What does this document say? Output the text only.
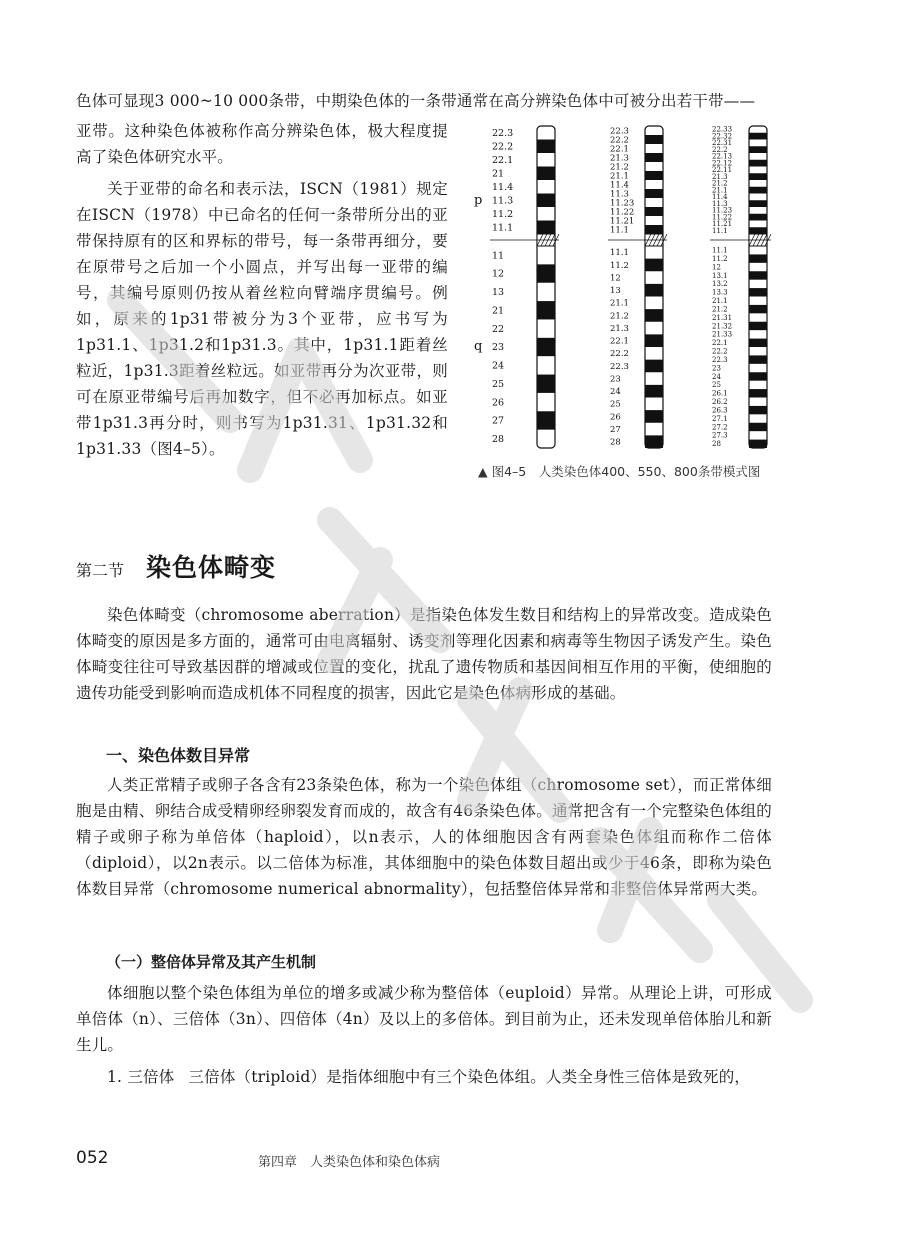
色体可显现3 000~10 000条带，中期染色体的一条带通常在高分辨染色体中可被分出若干带——

亚带。这种染色体被称作高分辨染色体，极大程度提高了染色体研究水平。

关于亚带的命名和表示法，ISCN（1981）规定在ISCN（1978）中已命名的任何一条带所分出的亚带保持原有的区和界标的带号，每一条带再细分，要在原带号之后加一个小圆点，并写出每一亚带的编号，其编号原则仍按从着丝粒向臂端序贯编号。例如，原来的1p31带被分为3个亚带，应书写为1p31.1、1p31.2和1p31.3。其中，1p31.1距着丝粒近，1p31.3距着丝粒远。如亚带再分为次亚带，则可在原亚带编号后再加数字，但不必再加标点。如亚带1p31.3再分时，则书写为1p31.31、1p31.32和1p31.33（图4–5）。

p
q
22.3
22.2
22.1
21
11.4
11.3
11.2
11.1
11
12
13
21
22
23
24
25
26
27
28
22.3
22.2
22.1
21.3
21.2
21.1
11.4
11.3
11.23
11.22
11.21
11.1
11.1
11.2
12
13
21.1
21.2
21.3
22.1
22.2
22.3
23
24
25
26
27
28
22.33
22.32
22.31
22.2
22.13
22.12
22.11
21.3
21.2
21.1
11.4
11.3
11.23
11.22
11.21
11.1
11.1
11.2
12
13.1
13.2
13.3
21.1
21.2
21.31
21.32
21.33
22.1
22.2
22.3
23
24
25
26.1
26.2
26.3
27.1
27.2
27.3
28
▲ 图4–5　人类染色体400、550、800条带模式图
第二节 染色体畸变

染色体畸变（chromosome aberration）是指染色体发生数目和结构上的异常改变。造成染色体畸变的原因是多方面的，通常可由电离辐射、诱变剂等理化因素和病毒等生物因子诱发产生。染色体畸变往往可导致基因群的增减或位置的变化，扰乱了遗传物质和基因间相互作用的平衡，使细胞的遗传功能受到影响而造成机体不同程度的损害，因此它是染色体病形成的基础。

一、染色体数目异常

人类正常精子或卵子各含有23条染色体，称为一个染色体组（chromosome set），而正常体细胞是由精、卵结合成受精卵经卵裂发育而成的，故含有46条染色体。通常把含有一个完整染色体组的精子或卵子称为单倍体（haploid），以n表示，人的体细胞因含有两套染色体组而称作二倍体（diploid），以2n表示。以二倍体为标准，其体细胞中的染色体数目超出或少于46条，即称为染色体数目异常（chromosome numerical abnormality），包括整倍体异常和非整倍体异常两大类。

（一）整倍体异常及其产生机制

体细胞以整个染色体组为单位的增多或减少称为整倍体（euploid）异常。从理论上讲，可形成单倍体（n）、三倍体（3n）、四倍体（4n）及以上的多倍体。到目前为止，还未发现单倍体胎儿和新生儿。

1. 三倍体 三倍体（triploid）是指体细胞中有三个染色体组。人类全身性三倍体是致死的，

052	第四章　人类染色体和染色体病
